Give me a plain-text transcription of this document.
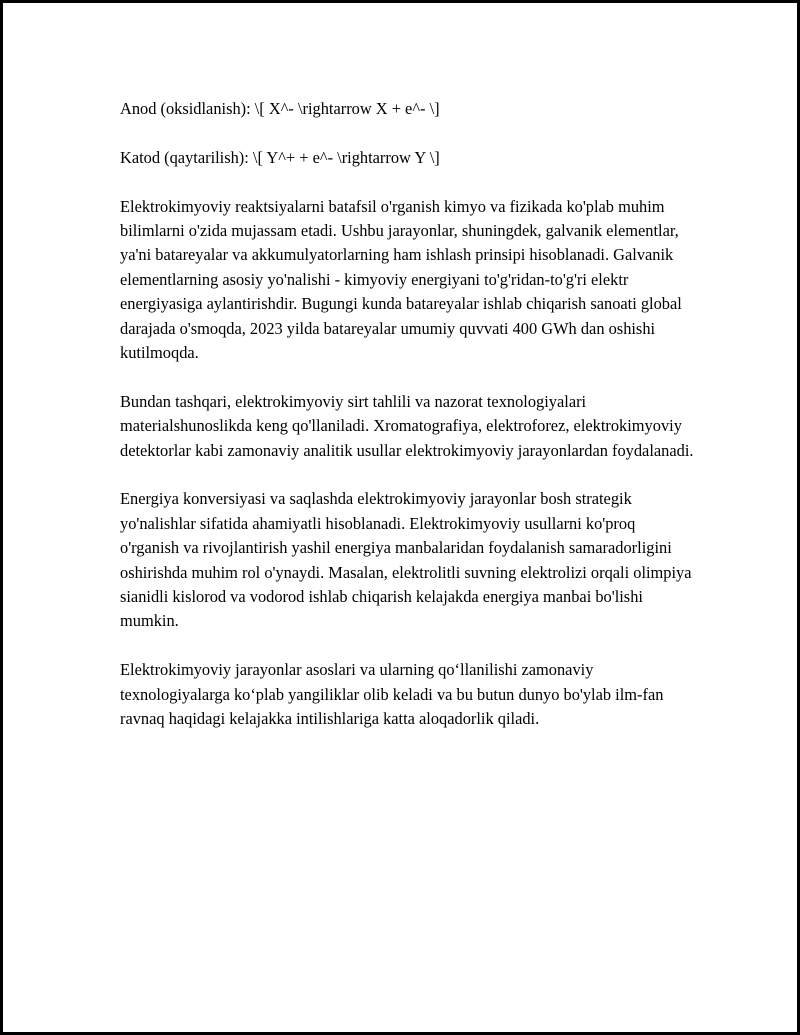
Anod (oksidlanish): \[ X^- \rightarrow X + e^- \]

Katod (qaytarilish): \[ Y^+ + e^- \rightarrow Y \]

Elektrokimyoviy reaktsiyalarni batafsil o'rganish kimyo va fizikada ko'plab muhim bilimlarni o'zida mujassam etadi. Ushbu jarayonlar, shuningdek, galvanik elementlar, ya'ni batareyalar va akkumulyatorlarning ham ishlash prinsipi hisoblanadi. Galvanik elementlarning asosiy yo'nalishi - kimyoviy energiyani to'g'ridan-to'g'ri elektr energiyasiga aylantirishdir. Bugungi kunda batareyalar ishlab chiqarish sanoati global darajada o'smoqda, 2023 yilda batareyalar umumiy quvvati 400 GWh dan oshishi kutilmoqda.

Bundan tashqari, elektrokimyoviy sirt tahlili va nazorat texnologiyalari materialshunoslikda keng qo'llaniladi. Xromatografiya, elektroforez, elektrokimyoviy detektorlar kabi zamonaviy analitik usullar elektrokimyoviy jarayonlardan foydalanadi.

Energiya konversiyasi va saqlashda elektrokimyoviy jarayonlar bosh strategik yo'nalishlar sifatida ahamiyatli hisoblanadi. Elektrokimyoviy usullarni ko'proq o'rganish va rivojlantirish yashil energiya manbalaridan foydalanish samaradorligini oshirishda muhim rol o'ynaydi. Masalan, elektrolitli suvning elektrolizi orqali olimpiya sianidli kislorod va vodorod ishlab chiqarish kelajakda energiya manbai bo'lishi mumkin.

Elektrokimyoviy jarayonlar asoslari va ularning qo‘llanilishi zamonaviy texnologiyalarga ko‘plab yangiliklar olib keladi va bu butun dunyo bo'ylab ilm-fan ravnaq haqidagi kelajakka intilishlariga katta aloqadorlik qiladi.
